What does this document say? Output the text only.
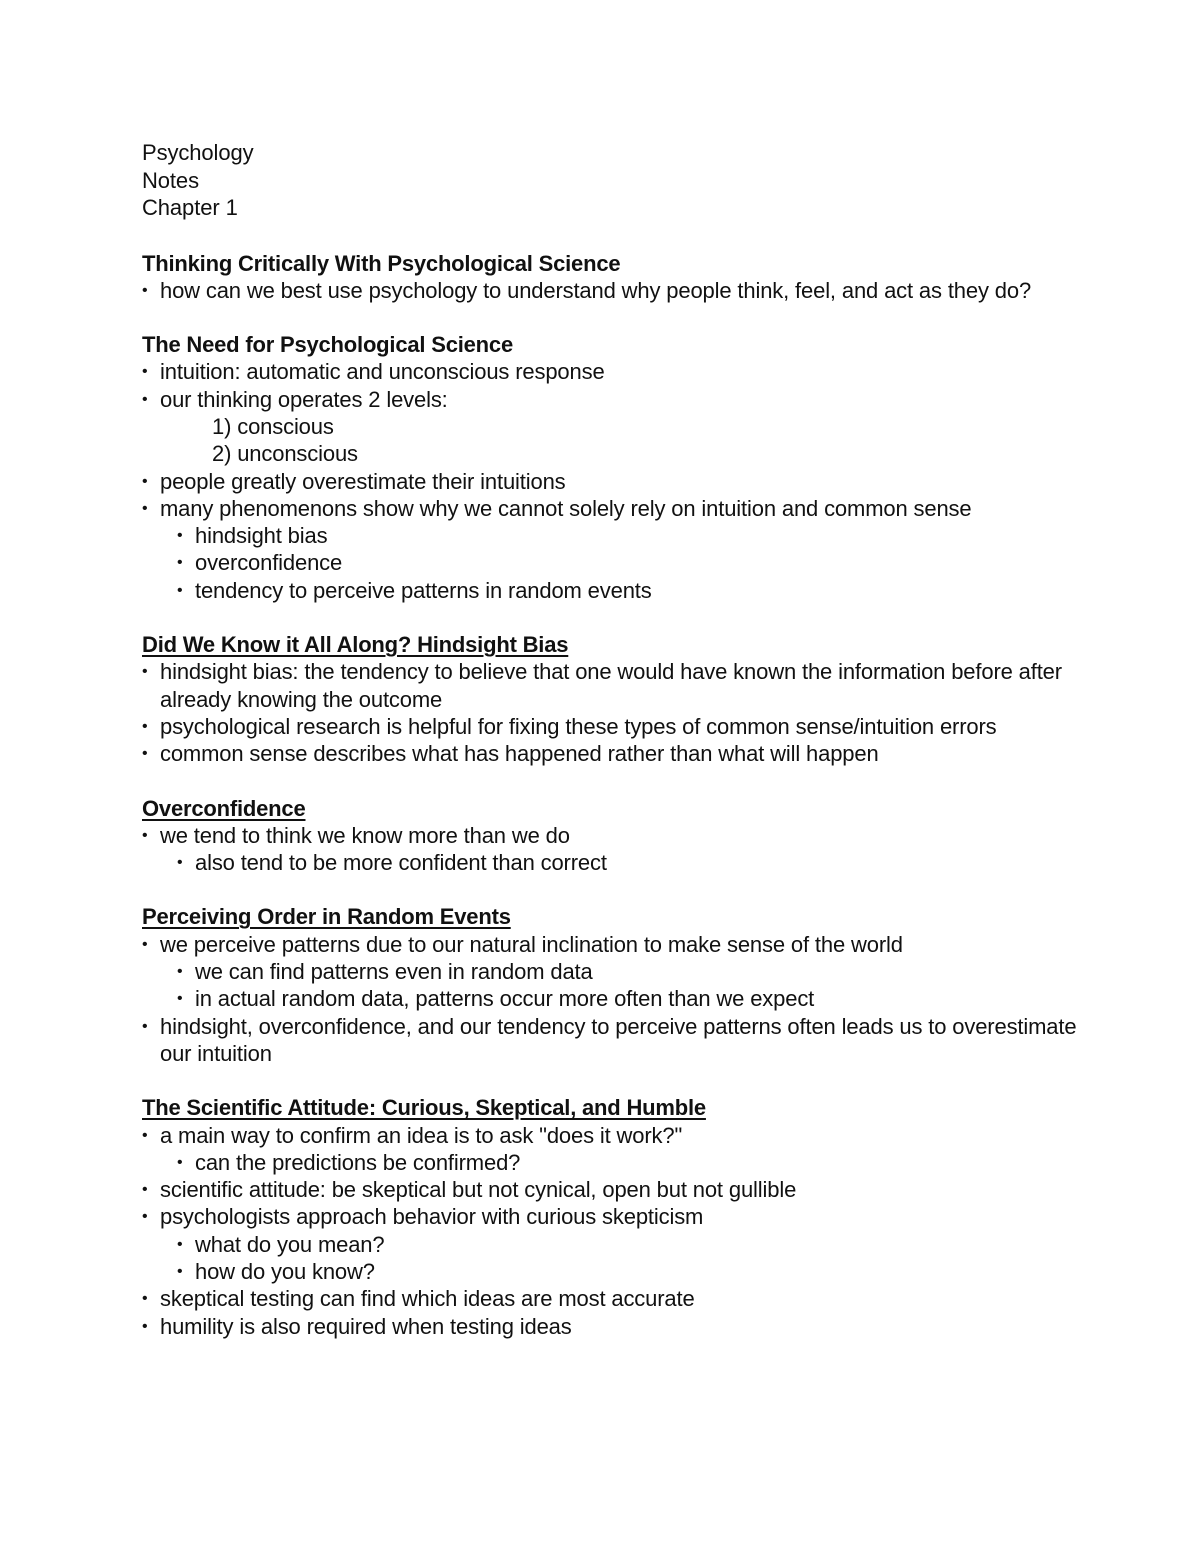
Psychology
Notes
Chapter 1
Thinking Critically With Psychological Science
• how can we best use psychology to understand why people think, feel, and act as they do?
The Need for Psychological Science
• intuition: automatic and unconscious response
• our thinking operates 2 levels:
1) conscious
2) unconscious
• people greatly overestimate their intuitions
• many phenomenons show why we cannot solely rely on intuition and common sense
• hindsight bias
• overconfidence
• tendency to perceive patterns in random events
Did We Know it All Along? Hindsight Bias
• hindsight bias: the tendency to believe that one would have known the information before after already knowing the outcome
• psychological research is helpful for fixing these types of common sense/intuition errors
• common sense describes what has happened rather than what will happen
Overconfidence
• we tend to think we know more than we do
• also tend to be more confident than correct
Perceiving Order in Random Events
• we perceive patterns due to our natural inclination to make sense of the world
• we can find patterns even in random data
• in actual random data, patterns occur more often than we expect
• hindsight, overconfidence, and our tendency to perceive patterns often leads us to overestimate our intuition
The Scientific Attitude: Curious, Skeptical, and Humble
• a main way to confirm an idea is to ask "does it work?"
• can the predictions be confirmed?
• scientific attitude: be skeptical but not cynical, open but not gullible
• psychologists approach behavior with curious skepticism
• what do you mean?
• how do you know?
• skeptical testing can find which ideas are most accurate
• humility is also required when testing ideas
